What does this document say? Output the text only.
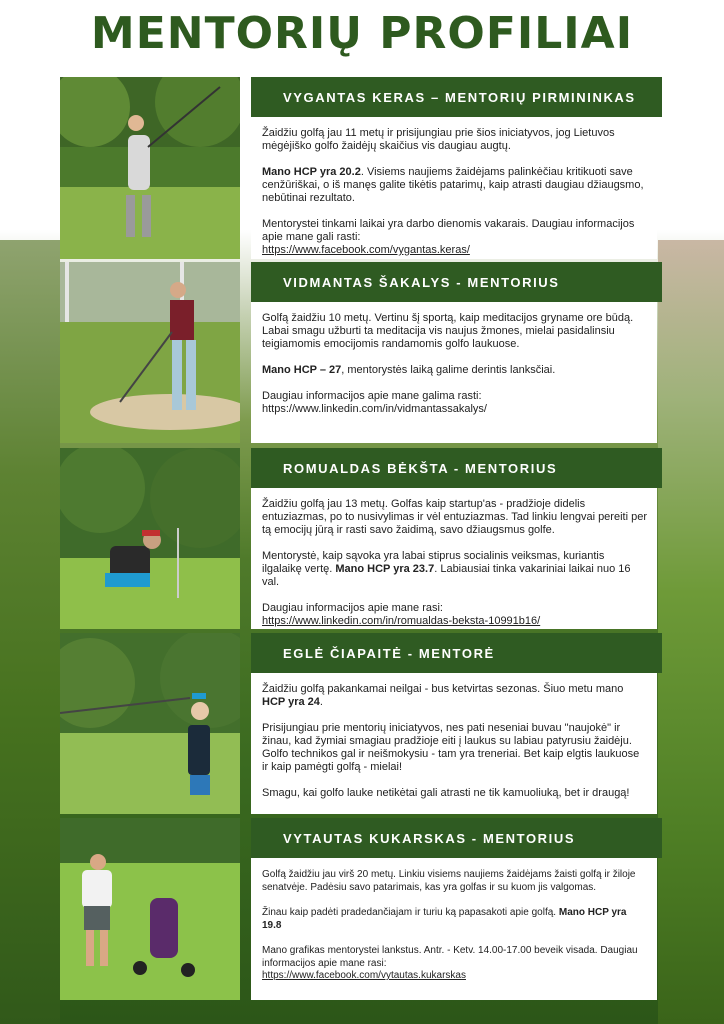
MENTORIŲ PROFILIAI
VYGANTAS KERAS – MENTORIŲ PIRMININKAS

Žaidžiu golfą jau 11 metų ir prisijungiau prie šios iniciatyvos, jog Lietuvos mėgėjiško golfo žaidėjų skaičius vis daugiau augtų.

Mano HCP yra 20.2. Visiems naujiems žaidėjams palinkėčiau kritikuoti save cenžūriškai, o iš manęs galite tikėtis patarimų, kaip atrasti daugiau džiaugsmo, nebūtinai rezultato.

Mentorystei tinkami laikai yra darbo dienomis vakarais. Daugiau informacijos apie mane gali rasti:
https://www.facebook.com/vygantas.keras/

VIDMANTAS ŠAKALYS - MENTORIUS

Golfą žaidžiu 10 metų. Vertinu šį sportą, kaip meditacijos gryname ore būdą. Labai smagu užburti ta meditacija vis naujus žmones, mielai pasidalinsiu teigiamomis emocijomis randamomis golfo laukuose.

Mano HCP – 27, mentorystės laiką galime derintis lanksčiai.

Daugiau informacijos apie mane galima rasti:
https://www.linkedin.com/in/vidmantassakalys/

ROMUALDAS BĖKŠTA - MENTORIUS

Žaidžiu golfą jau 13 metų. Golfas kaip startup'as - pradžioje didelis entuziazmas, po to nusivylimas ir vėl entuziazmas. Tad linkiu lengvai pereiti per tą emocijų jūrą ir rasti savo žaidimą, savo džiaugsmus golfe.

Mentorystė, kaip sąvoka yra labai stiprus socialinis veiksmas, kuriantis ilgalaikę vertę. Mano HCP yra 23.7. Labiausiai tinka vakariniai laikai nuo 16 val.

Daugiau informacijos apie mane rasi:
https://www.linkedin.com/in/romualdas-beksta-10991b16/

EGLĖ ČIAPAITĖ - MENTORĖ

Žaidžiu golfą pakankamai neilgai - bus ketvirtas sezonas. Šiuo metu mano HCP yra 24.

Prisijungiau prie mentorių iniciatyvos, nes pati neseniai buvau "naujokė" ir žinau, kad žymiai smagiau pradžioje eiti į laukus su labiau patyrusiu žaidėju. Golfo technikos gal ir neišmokysiu - tam yra treneriai. Bet kaip elgtis laukuose ir kaip pamėgti golfą - mielai!

Smagu, kai golfo lauke netikėtai gali atrasti ne tik kamuoliuką, bet ir draugą!

VYTAUTAS KUKARSKAS - MENTORIUS

Golfą žaidžiu jau virš 20 metų. Linkiu visiems naujiems žaidėjams žaisti golfą ir žiloje senatvėje. Padėsiu savo patarimais, kas yra golfas ir su kuom jis valgomas.

Žinau kaip padėti pradedančiajam ir turiu ką papasakoti apie golfą. Mano HCP yra 19.8

Mano grafikas mentorystei lankstus. Antr. - Ketv. 14.00-17.00 beveik visada. Daugiau informacijos apie mane rasi:
https://www.facebook.com/vytautas.kukarskas
